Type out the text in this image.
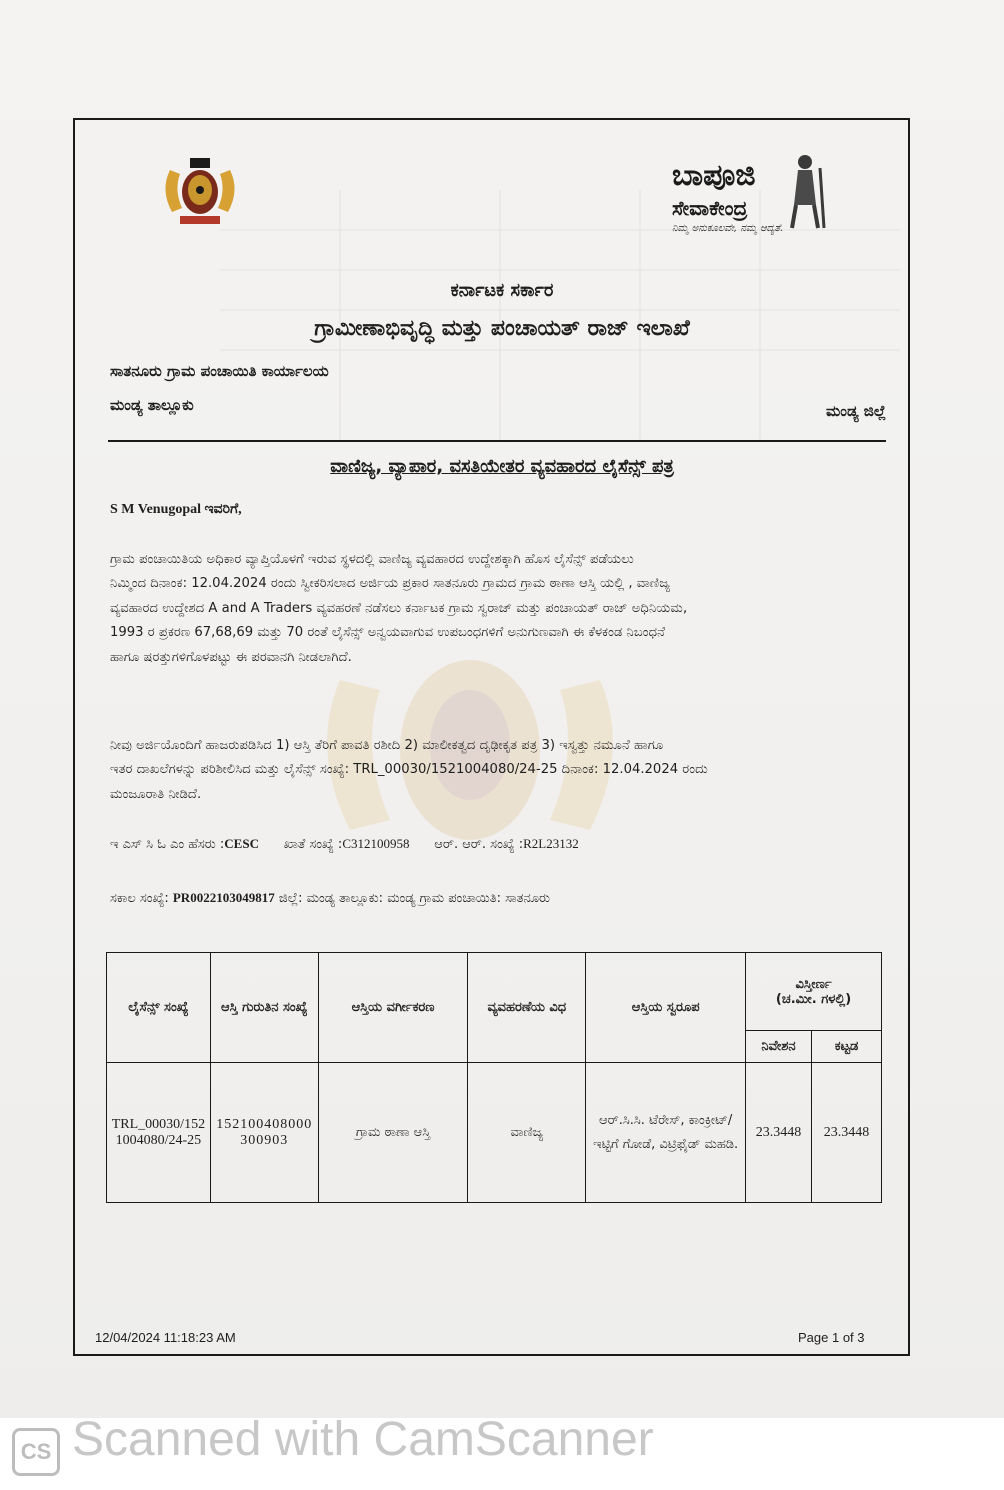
ಬಾಪೂಜಿ
ಸೇವಾಕೇಂದ್ರ
ನಿಮ್ಮ ಅನುಕೂಲವೇ, ನಮ್ಮ ಆದ್ಯತೆ.
ಕರ್ನಾಟಕ ಸರ್ಕಾರ
ಗ್ರಾಮೀಣಾಭಿವೃದ್ಧಿ ಮತ್ತು ಪಂಚಾಯತ್ ರಾಜ್ ಇಲಾಖೆ
ಸಾತನೂರು ಗ್ರಾಮ ಪಂಚಾಯಿತಿ ಕಾರ್ಯಾಲಯ
ಮಂಡ್ಯ ತಾಲ್ಲೂಕು	ಮಂಡ್ಯ ಜಿಲ್ಲೆ
ವಾಣಿಜ್ಯ, ವ್ಯಾಪಾರ, ವಸತಿಯೇತರ ವ್ಯವಹಾರದ ಲೈಸೆನ್ಸ್ ಪತ್ರ
S M Venugopal ಇವರಿಗೆ,
ಗ್ರಾಮ ಪಂಚಾಯಿತಿಯ ಅಧಿಕಾರ ವ್ಯಾಪ್ತಿಯೊಳಗೆ ಇರುವ ಸ್ಥಳದಲ್ಲಿ ವಾಣಿಜ್ಯ ವ್ಯವಹಾರದ ಉದ್ದೇಶಕ್ಕಾಗಿ ಹೊಸ ಲೈಸೆನ್ಸ್ ಪಡೆಯಲು
ನಿಮ್ಮಿಂದ ದಿನಾಂಕ: 12.04.2024 ರಂದು ಸ್ವೀಕರಿಸಲಾದ ಅರ್ಜಿಯ ಪ್ರಕಾರ ಸಾತನೂರು ಗ್ರಾಮದ ಗ್ರಾಮ ಠಾಣಾ ಆಸ್ತಿ ಯಲ್ಲಿ , ವಾಣಿಜ್ಯ
ವ್ಯವಹಾರದ ಉದ್ದೇಶದ A and A Traders ವ್ಯವಹರಣೆ ನಡೆಸಲು ಕರ್ನಾಟಕ ಗ್ರಾಮ ಸ್ವರಾಜ್ ಮತ್ತು ಪಂಚಾಯತ್ ರಾಜ್ ಅಧಿನಿಯಮ,
1993 ರ ಪ್ರಕರಣ 67,68,69 ಮತ್ತು 70 ರಂತೆ ಲೈಸೆನ್ಸ್ ಅನ್ವಯವಾಗುವ ಉಪಬಂಧಗಳಿಗೆ ಅನುಗುಣವಾಗಿ ಈ ಕೆಳಕಂಡ ನಿಬಂಧನೆ
ಹಾಗೂ ಷರತ್ತುಗಳಿಗೊಳಪಟ್ಟು ಈ ಪರವಾನಗಿ ನೀಡಲಾಗಿದೆ.
ನೀವು ಅರ್ಜಿಯೊಂದಿಗೆ ಹಾಜರುಪಡಿಸಿದ 1) ಆಸ್ತಿ ತೆರಿಗೆ ಪಾವತಿ ರಶೀದಿ 2) ಮಾಲೀಕತ್ವದ ದೃಢೀಕೃತ ಪತ್ರ 3) ಇಸ್ವತ್ತು ನಮೂನೆ ಹಾಗೂ
ಇತರ ದಾಖಲೆಗಳನ್ನು ಪರಿಶೀಲಿಸಿದ ಮತ್ತು ಲೈಸೆನ್ಸ್ ಸಂಖ್ಯೆ: TRL_00030/1521004080/24-25 ದಿನಾಂಕ: 12.04.2024 ರಂದು
ಮಂಜೂರಾತಿ ನೀಡಿದೆ.
ಇ ಎಸ್ ಸಿ ಓ ಎಂ ಹೆಸರು :CESC ಖಾತೆ ಸಂಖ್ಯೆ :C312100958 ಆರ್. ಆರ್. ಸಂಖ್ಯೆ :R2L23132
ಸಕಾಲ ಸಂಖ್ಯೆ: PR0022103049817 ಜಿಲ್ಲೆ: ಮಂಡ್ಯ ತಾಲ್ಲೂಕು: ಮಂಡ್ಯ ಗ್ರಾಮ ಪಂಚಾಯಿತಿ: ಸಾತನೂರು
ಲೈಸೆನ್ಸ್ ಸಂಖ್ಯೆ	ಆಸ್ತಿ ಗುರುತಿನ ಸಂಖ್ಯೆ	ಆಸ್ತಿಯ ವರ್ಗೀಕರಣ	ವ್ಯವಹರಣೆಯ ವಿಧ	ಆಸ್ತಿಯ ಸ್ವರೂಪ	ವಿಸ್ತೀರ್ಣ
(ಚ.ಮೀ. ಗಳಲ್ಲಿ)	

					ನಿವೇಶನ	ಕಟ್ಟಡ
TRL_00030/1521004080/24-25	152100408000300903	ಗ್ರಾಮ ಠಾಣಾ ಆಸ್ತಿ	ವಾಣಿಜ್ಯ	ಆರ್.ಸಿ.ಸಿ. ಟೆರೇಸ್, ಕಾಂಕ್ರೀಟ್/ಇಟ್ಟಿಗೆ ಗೋಡೆ, ವಿಟ್ರಿಫೈಡ್ ಮಹಡಿ.	23.3448	23.3448
12/04/2024 11:18:23 AM	Page 1 of 3
CS Scanned with CamScanner
